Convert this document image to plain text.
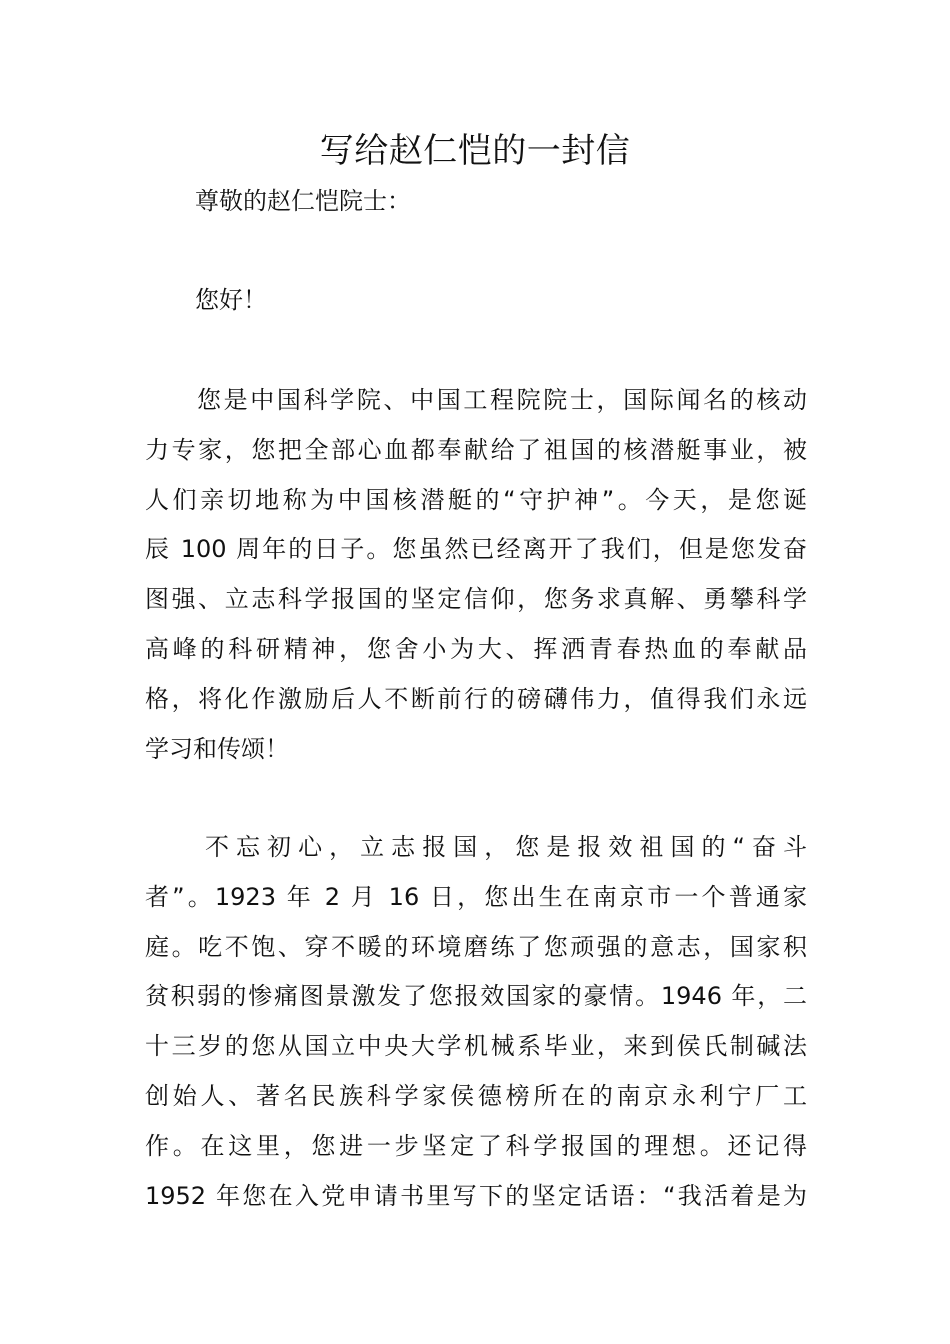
写给赵仁恺的一封信
尊敬的赵仁恺院士：
您好！
您是中国科学院、中国工程院院士，国际闻名的核动
力专家，您把全部心血都奉献给了祖国的核潜艇事业，被
人们亲切地称为中国核潜艇的“守护神”。今天，是您诞
辰 100 周年的日子。您虽然已经离开了我们，但是您发奋
图强、立志科学报国的坚定信仰，您务求真解、勇攀科学
高峰的科研精神，您舍小为大、挥洒青春热血的奉献品
格，将化作激励后人不断前行的磅礴伟力，值得我们永远
学习和传颂！
不忘初心，立志报国，您是报效祖国的“奋斗
者”。1923 年 2 月 16 日，您出生在南京市一个普通家
庭。吃不饱、穿不暖的环境磨练了您顽强的意志，国家积
贫积弱的惨痛图景激发了您报效国家的豪情。1946 年，二
十三岁的您从国立中央大学机械系毕业，来到侯氏制碱法
创始人、著名民族科学家侯德榜所在的南京永利宁厂工
作。在这里，您进一步坚定了科学报国的理想。还记得
1952 年您在入党申请书里写下的坚定话语：“我活着是为
